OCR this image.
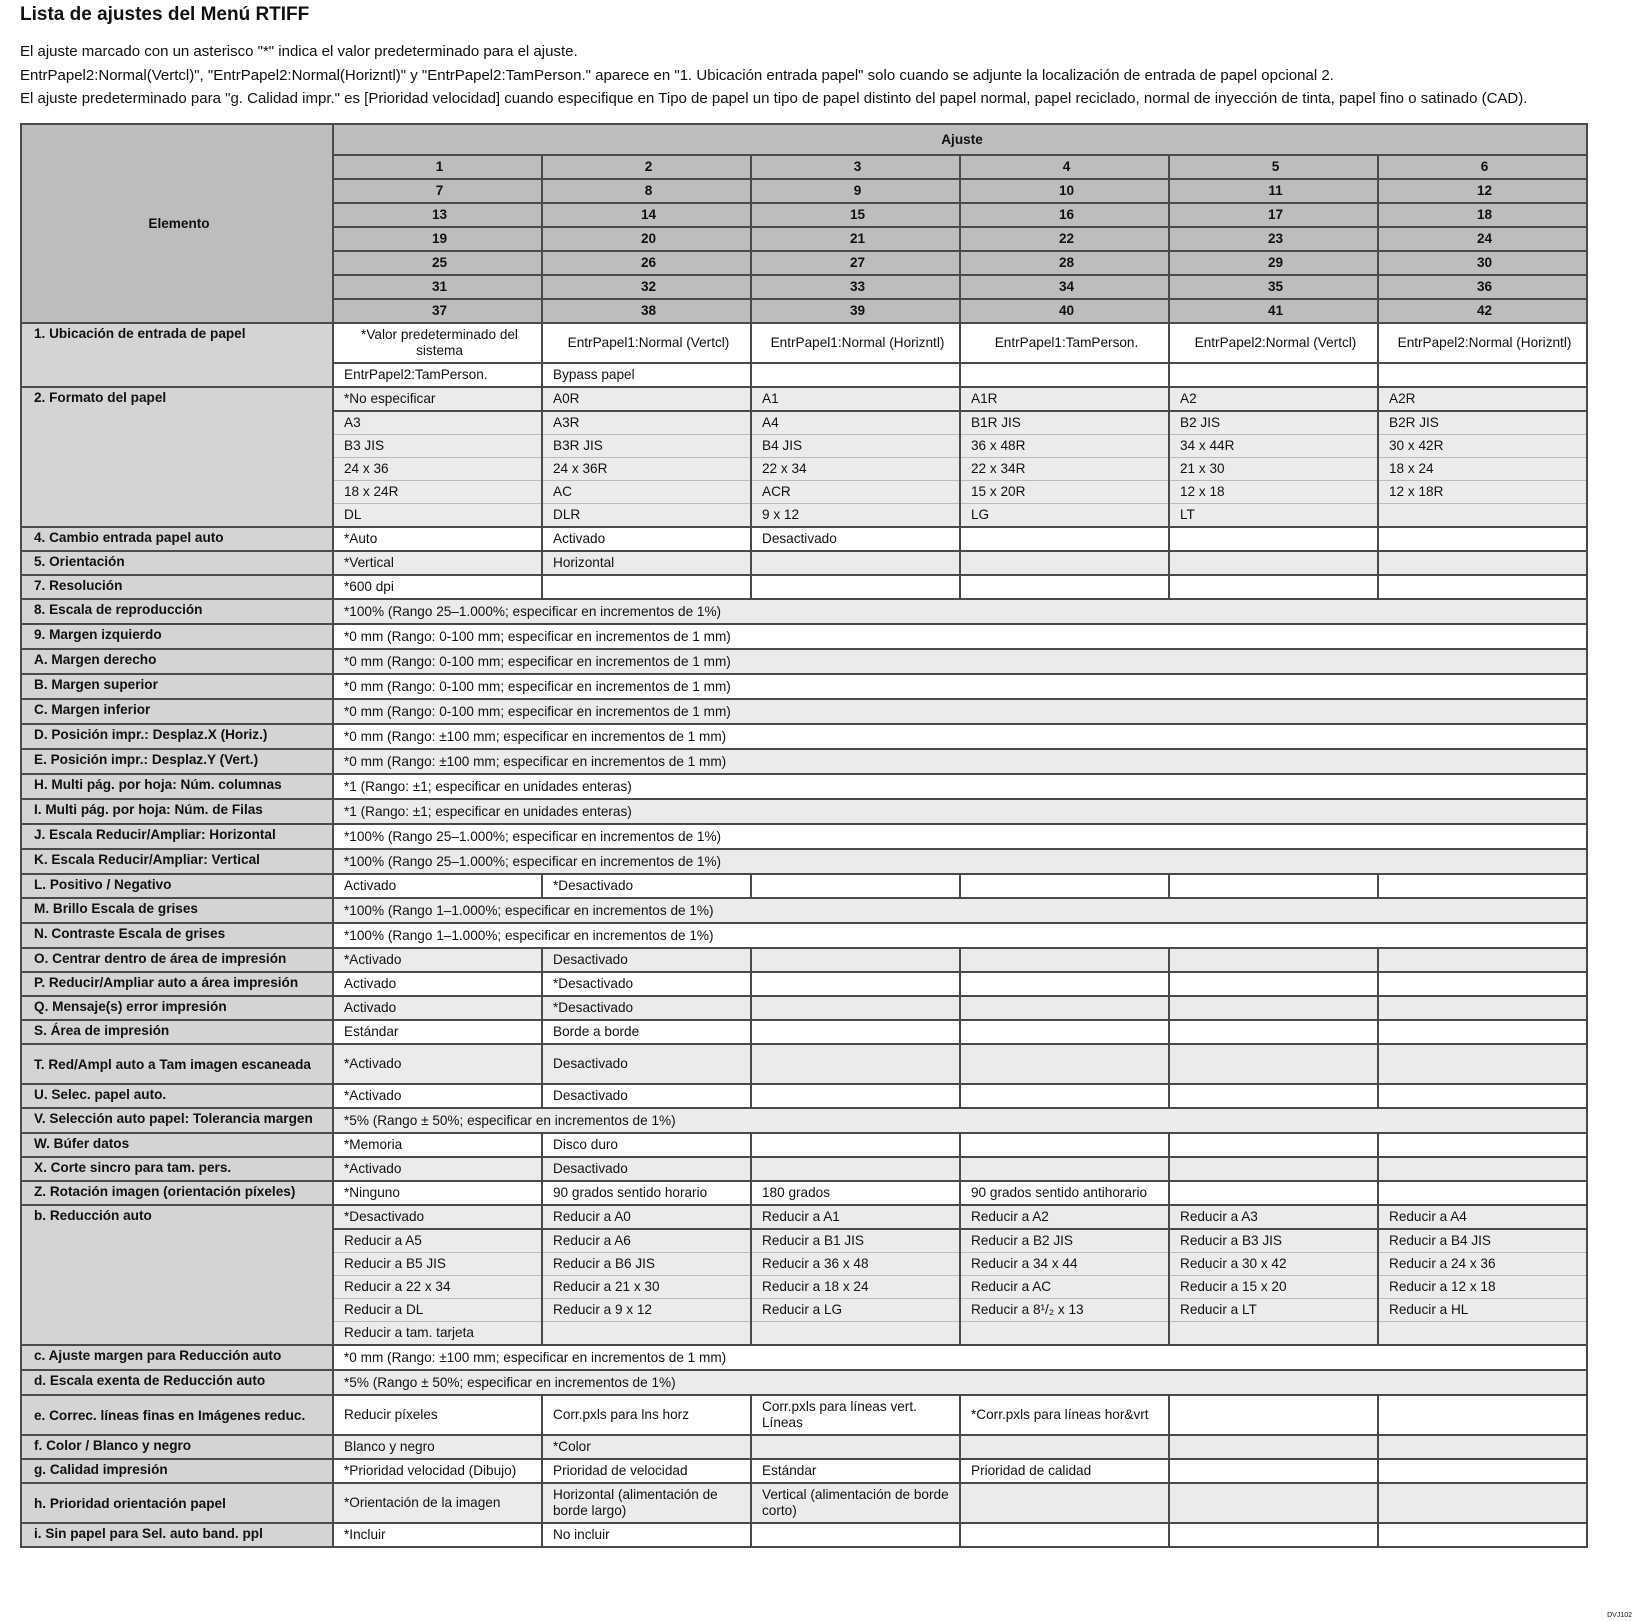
Lista de ajustes del Menú RTIFF
El ajuste marcado con un asterisco "*" indica el valor predeterminado para el ajuste.
EntrPapel2:Normal(Vertcl)", "EntrPapel2:Normal(Horizntl)" y "EntrPapel2:TamPerson." aparece en "1. Ubicación entrada papel" solo cuando se adjunte la localización de entrada de papel opcional 2.
El ajuste predeterminado para "g. Calidad impr." es [Prioridad velocidad] cuando especifique en Tipo de papel un tipo de papel distinto del papel normal, papel reciclado, normal de inyección de tinta, papel fino o satinado (CAD).
Elemento	Ajuste					
	1	2	3	4	5	6
	7	8	9	10	11	12
	13	14	15	16	17	18
	19	20	21	22	23	24
	25	26	27	28	29	30
	31	32	33	34	35	36
	37	38	39	40	41	42
1. Ubicación de entrada de papel	*Valor predeterminado del sistema	EntrPapel1:Normal (Vertcl)	EntrPapel1:Normal (Horizntl)	EntrPapel1:TamPerson.	EntrPapel2:Normal (Vertcl)	EntrPapel2:Normal (Horizntl)
	EntrPapel2:TamPerson.	Bypass papel				
2. Formato del papel	*No especificar	A0R	A1	A1R	A2	A2R
	A3	A3R	A4	B1R JIS	B2 JIS	B2R JIS
	B3 JIS	B3R JIS	B4 JIS	36 x 48R	34 x 44R	30 x 42R
	24 x 36	24 x 36R	22 x 34	22 x 34R	21 x 30	18 x 24
	18 x 24R	AC	ACR	15 x 20R	12 x 18	12 x 18R
	DL	DLR	9 x 12	LG	LT	
4. Cambio entrada papel auto	*Auto	Activado	Desactivado			
5. Orientación	*Vertical	Horizontal				
7. Resolución	*600 dpi					
8. Escala de reproducción	*100% (Rango 25–1.000%; especificar en incrementos de 1%)					
9. Margen izquierdo	*0 mm (Rango: 0-100 mm; especificar en incrementos de 1 mm)					
A. Margen derecho	*0 mm (Rango: 0-100 mm; especificar en incrementos de 1 mm)					
B. Margen superior	*0 mm (Rango: 0-100 mm; especificar en incrementos de 1 mm)					
C. Margen inferior	*0 mm (Rango: 0-100 mm; especificar en incrementos de 1 mm)					
D. Posición impr.: Desplaz.X (Horiz.)	*0 mm (Rango: ±100 mm; especificar en incrementos de 1 mm)					
E. Posición impr.: Desplaz.Y (Vert.)	*0 mm (Rango: ±100 mm; especificar en incrementos de 1 mm)					
H. Multi pág. por hoja: Núm. columnas	*1 (Rango: ±1; especificar en unidades enteras)					
I. Multi pág. por hoja: Núm. de Filas	*1 (Rango: ±1; especificar en unidades enteras)					
J. Escala Reducir/Ampliar: Horizontal	*100% (Rango 25–1.000%; especificar en incrementos de 1%)					
K. Escala Reducir/Ampliar: Vertical	*100% (Rango 25–1.000%; especificar en incrementos de 1%)					
L. Positivo / Negativo	Activado	*Desactivado				
M. Brillo Escala de grises	*100% (Rango 1–1.000%; especificar en incrementos de 1%)					
N. Contraste Escala de grises	*100% (Rango 1–1.000%; especificar en incrementos de 1%)					
O. Centrar dentro de área de impresión	*Activado	Desactivado				
P. Reducir/Ampliar auto a área impresión	Activado	*Desactivado				
Q. Mensaje(s) error impresión	Activado	*Desactivado				
S. Área de impresión	Estándar	Borde a borde				
T. Red/Ampl auto a Tam imagen escaneada	*Activado	Desactivado				
U. Selec. papel auto.	*Activado	Desactivado				
V. Selección auto papel: Tolerancia margen	*5% (Rango ± 50%; especificar en incrementos de 1%)					
W. Búfer datos	*Memoria	Disco duro				
X. Corte sincro para tam. pers.	*Activado	Desactivado				
Z. Rotación imagen (orientación píxeles)	*Ninguno	90 grados sentido horario	180 grados	90 grados sentido antihorario		
b. Reducción auto	*Desactivado	Reducir a A0	Reducir a A1	Reducir a A2	Reducir a A3	Reducir a A4
	Reducir a A5	Reducir a A6	Reducir a B1 JIS	Reducir a B2 JIS	Reducir a B3 JIS	Reducir a B4 JIS
	Reducir a B5 JIS	Reducir a B6 JIS	Reducir a 36 x 48	Reducir a 34 x 44	Reducir a 30 x 42	Reducir a 24 x 36
	Reducir a 22 x 34	Reducir a 21 x 30	Reducir a 18 x 24	Reducir a AC	Reducir a 15 x 20	Reducir a 12 x 18
	Reducir a DL	Reducir a 9 x 12	Reducir a LG	Reducir a 8¹/₂ x 13	Reducir a LT	Reducir a HL
	Reducir a tam. tarjeta					
c. Ajuste margen para Reducción auto	*0 mm (Rango: ±100 mm; especificar en incrementos de 1 mm)					
d. Escala exenta de Reducción auto	*5% (Rango ± 50%; especificar en incrementos de 1%)					
e. Correc. líneas finas en Imágenes reduc.	Reducir píxeles	Corr.pxls para lns horz	Corr.pxls para líneas vert. Líneas	*Corr.pxls para líneas hor&vrt		
f. Color / Blanco y negro	Blanco y negro	*Color				
g. Calidad impresión	*Prioridad velocidad (Dibujo)	Prioridad de velocidad	Estándar	Prioridad de calidad		
h. Prioridad orientación papel	*Orientación de la imagen	Horizontal (alimentación de borde largo)	Vertical (alimentación de borde corto)			
i. Sin papel para Sel. auto band. ppl	*Incluir	No incluir				
DVJ102
